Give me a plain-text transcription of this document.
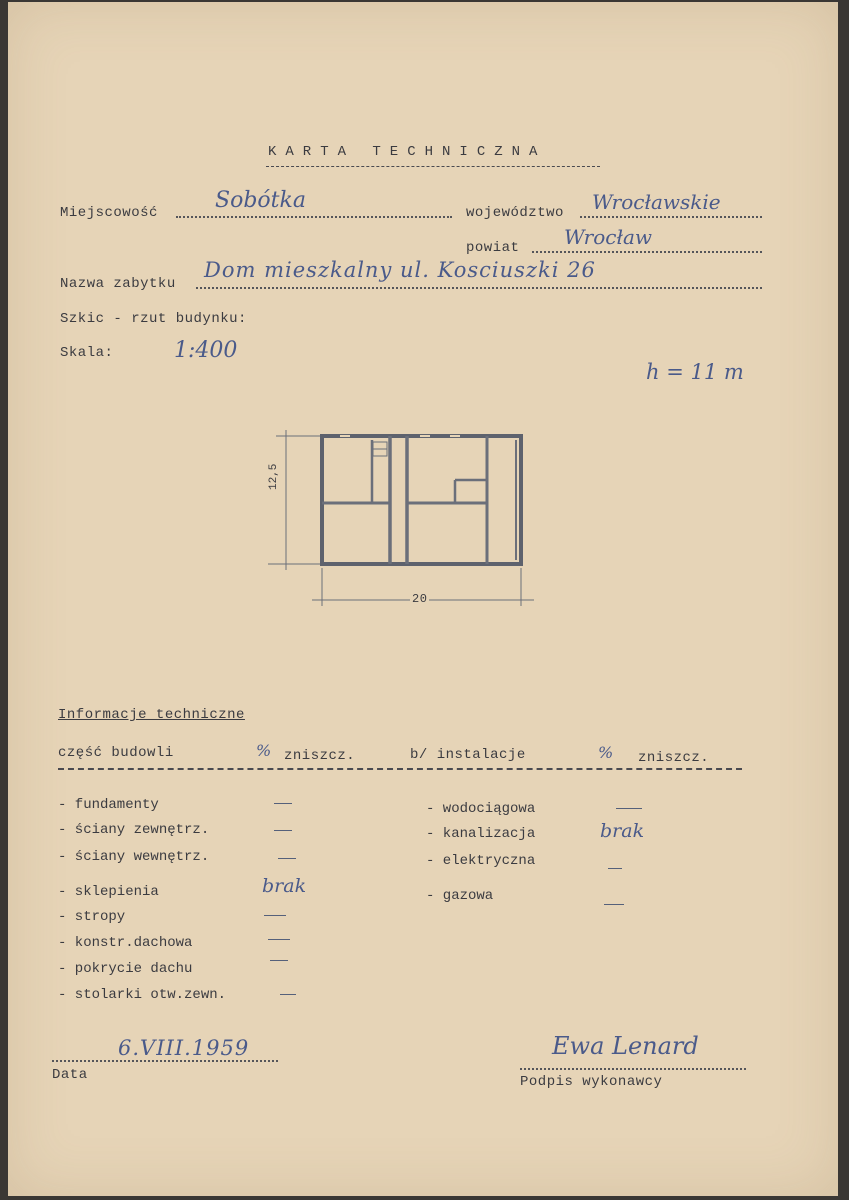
KARTA TECHNICZNA
Miejscowość	Sobótka	województwo Wrocławskie
powiat Wrocław
Nazwa zabytku
Dom mieszkalny ul. Kosciuszki 26
Szkic - rzut budynku:
Skala:	1:400
h = 11 m
12,5
20
Informacje techniczne
część budowli	% zniszcz.	b/ instalacje	% zniszcz.
- fundamenty
- ściany zewnętrz.
- ściany wewnętrz.
- sklepienia	brak
- stropy
- konstr.dachowa
- pokrycie dachu
- stolarki otw.zewn.
- wodociągowa
- kanalizacja	brak
- elektryczna
- gazowa
6.VIII.1959
Data
Ewa Lenard
Podpis wykonawcy
